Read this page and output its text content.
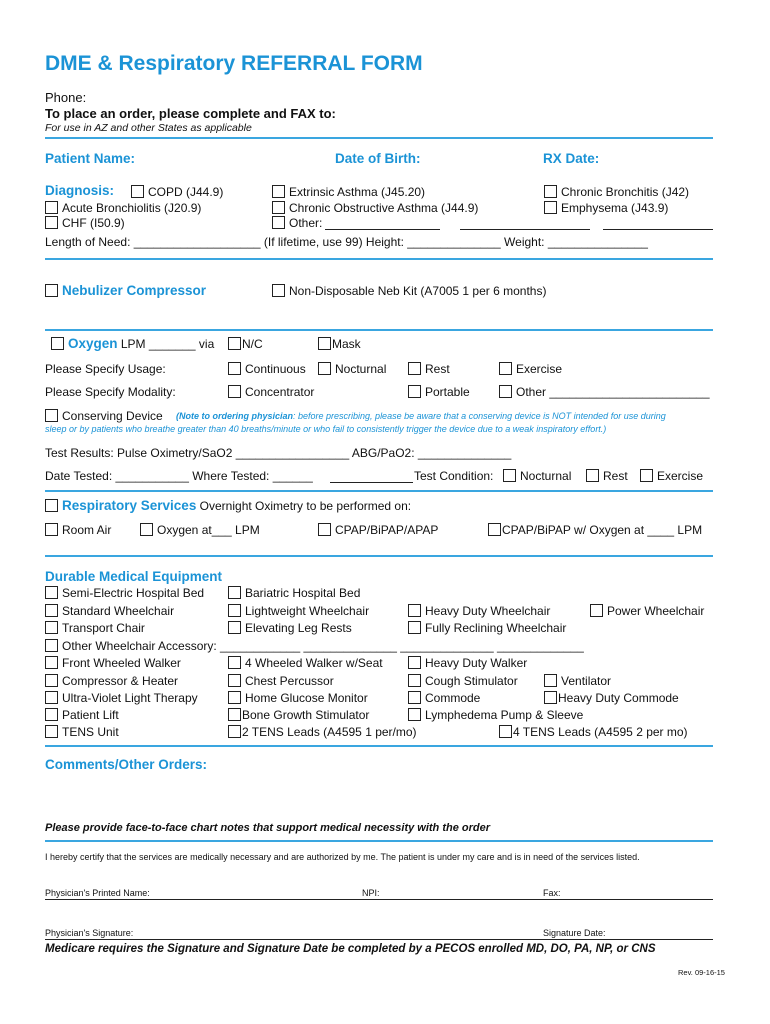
DME & Respiratory REFERRAL FORM
Phone:
To place an order, please complete and FAX to:
For use in AZ and other States as applicable
Patient Name:	Date of Birth:	RX Date:
Diagnosis:	COPD (J44.9)	Extrinsic Asthma (J45.20)	Chronic Bronchitis (J42)
Acute Bronchiolitis (J20.9)	Chronic Obstructive Asthma (J44.9)	Emphysema (J43.9)
CHF (I50.9)	Other:
Length of Need: ___________________ (If lifetime, use 99) Height: ______________ Weight: _______________
Nebulizer Compressor	Non-Disposable Neb Kit (A7005 1 per 6 months)
Oxygen LPM _______ via	N/C	Mask
Please Specify Usage:	Continuous	Nocturnal	Rest	Exercise
Please Specify Modality:	Concentrator	Portable	Other ________________________
Conserving Device (Note to ordering physician: before prescribing, please be aware that a conserving device is NOT intended for use during
sleep or by patients who breathe greater than 40 breaths/minute or who fail to consistently trigger the device due to a weak inspiratory effort.)
Test Results: Pulse Oximetry/SaO2 _________________ ABG/PaO2: ______________
Date Tested: ___________ Where Tested: ______	Test Condition:	Nocturnal	Rest	Exercise
Respiratory Services Overnight Oximetry to be performed on:
Room Air	Oxygen at___ LPM	CPAP/BiPAP/APAP	CPAP/BiPAP w/ Oxygen at ____ LPM
Durable Medical Equipment
Semi-Electric Hospital Bed	Bariatric Hospital Bed
Standard Wheelchair	Lightweight Wheelchair	Heavy Duty Wheelchair	Power Wheelchair
Transport Chair	Elevating Leg Rests	Fully Reclining Wheelchair
Other Wheelchair Accessory: ____________ ______________ ______________ _____________
Front Wheeled Walker	4 Wheeled Walker w/Seat	Heavy Duty Walker
Compressor & Heater	Chest Percussor	Cough Stimulator	Ventilator
Ultra-Violet Light Therapy	Home Glucose Monitor	Commode	Heavy Duty Commode
Patient Lift	Bone Growth Stimulator	Lymphedema Pump & Sleeve
TENS Unit	2 TENS Leads (A4595 1 per/mo)	4 TENS Leads (A4595 2 per mo)
Comments/Other Orders:
Please provide face-to-face chart notes that support medical necessity with the order
I hereby certify that the services are medically necessary and are authorized by me. The patient is under my care and is in need of the services listed.
Physician's Printed Name:	NPI:	Fax:
Physician's Signature:	Signature Date:
Medicare requires the Signature and Signature Date be completed by a PECOS enrolled MD, DO, PA, NP, or CNS
Rev. 09-16-15
